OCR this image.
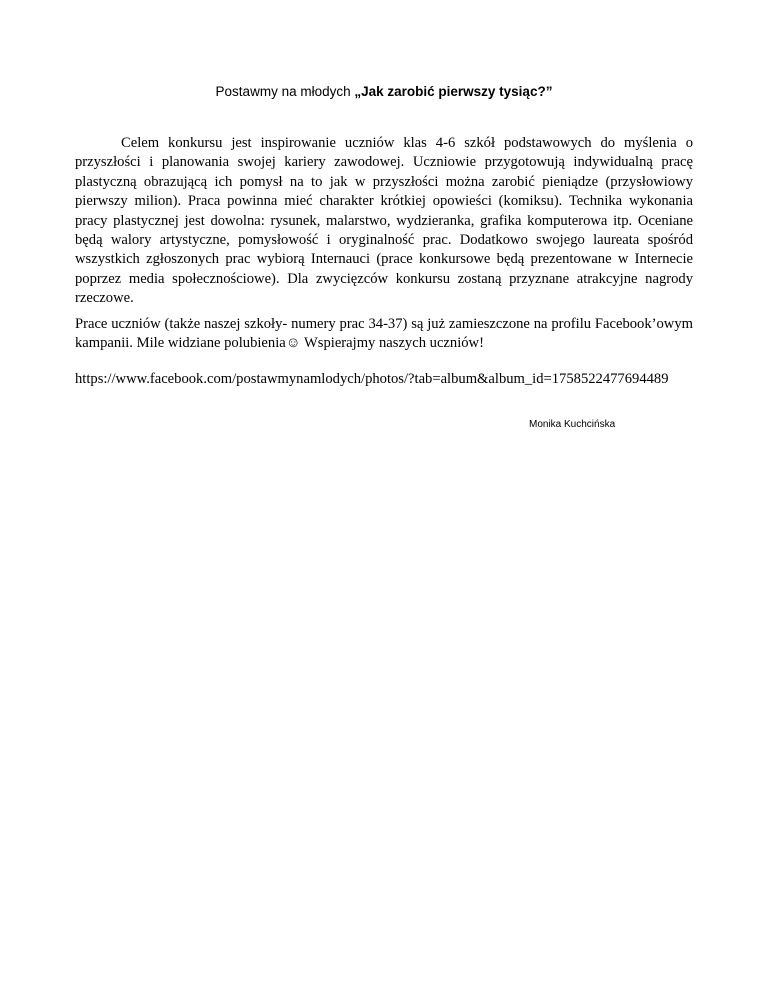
Postawmy na młodych „Jak zarobić pierwszy tysiąc?”

Celem konkursu jest inspirowanie uczniów klas 4-6 szkół podstawowych do myślenia o przyszłości i planowania swojej kariery zawodowej. Uczniowie przygotowują indywidualną pracę plastyczną obrazującą ich pomysł na to jak w przyszłości można zarobić pieniądze (przysłowiowy pierwszy milion). Praca powinna mieć charakter krótkiej opowieści (komiksu). Technika wykonania pracy plastycznej jest dowolna: rysunek, malarstwo, wydzieranka, grafika komputerowa itp. Oceniane będą walory artystyczne, pomysłowość i oryginalność prac. Dodatkowo swojego laureata spośród wszystkich zgłoszonych prac wybiorą Internauci (prace konkursowe będą prezentowane w Internecie poprzez media społecznościowe). Dla zwycięzców konkursu zostaną przyznane atrakcyjne nagrody rzeczowe.

Prace uczniów (także naszej szkoły- numery prac 34-37) są już zamieszczone na profilu Facebook’owym kampanii. Mile widziane polubienia☺ Wspierajmy naszych uczniów!

https://www.facebook.com/postawmynamlodych/photos/?tab=album&album_id=1758522477694489
Monika Kuchcińska
